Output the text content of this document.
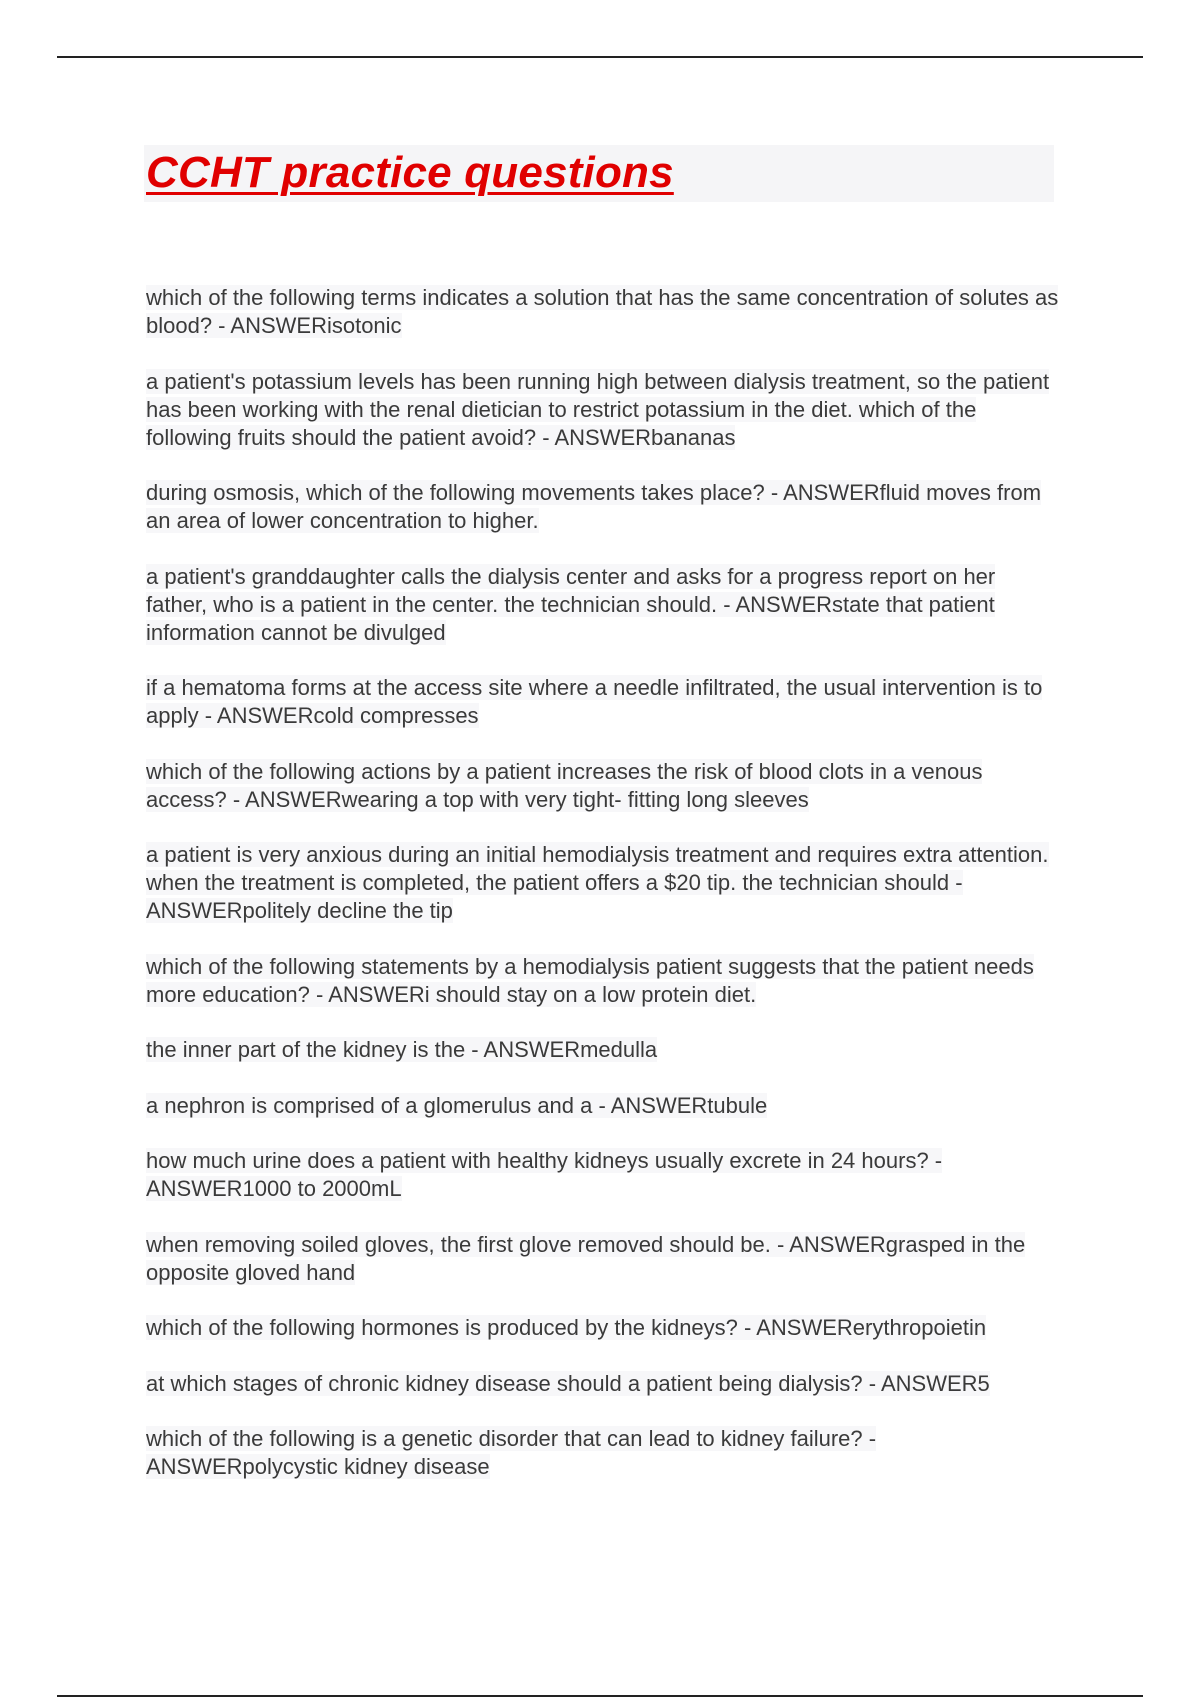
CCHT practice questions
which of the following terms indicates a solution that has the same concentration of solutes as blood? - ANSWERisotonic
a patient's potassium levels has been running high between dialysis treatment, so the patient has been working with the renal dietician to restrict potassium in the diet. which of the following fruits should the patient avoid? - ANSWERbananas
during osmosis, which of the following movements takes place? - ANSWERfluid moves from an area of lower concentration to higher.
a patient's granddaughter calls the dialysis center and asks for a progress report on her father, who is a patient in the center. the technician should. - ANSWERstate that patient information cannot be divulged
if a hematoma forms at the access site where a needle infiltrated, the usual intervention is to apply - ANSWERcold compresses
which of the following actions by a patient increases the risk of blood clots in a venous access? - ANSWERwearing a top with very tight- fitting long sleeves
a patient is very anxious during an initial hemodialysis treatment and requires extra attention. when the treatment is completed, the patient offers a $20 tip. the technician should - ANSWERpolitely decline the tip
which of the following statements by a hemodialysis patient suggests that the patient needs more education? - ANSWERi should stay on a low protein diet.
the inner part of the kidney is the - ANSWERmedulla
a nephron is comprised of a glomerulus and a - ANSWERtubule
how much urine does a patient with healthy kidneys usually excrete in 24 hours? - ANSWER1000 to 2000mL
when removing soiled gloves, the first glove removed should be. - ANSWERgrasped in the opposite gloved hand
which of the following hormones is produced by the kidneys? - ANSWERerythropoietin
at which stages of chronic kidney disease should a patient being dialysis? - ANSWER5
which of the following is a genetic disorder that can lead to kidney failure? - ANSWERpolycystic kidney disease
